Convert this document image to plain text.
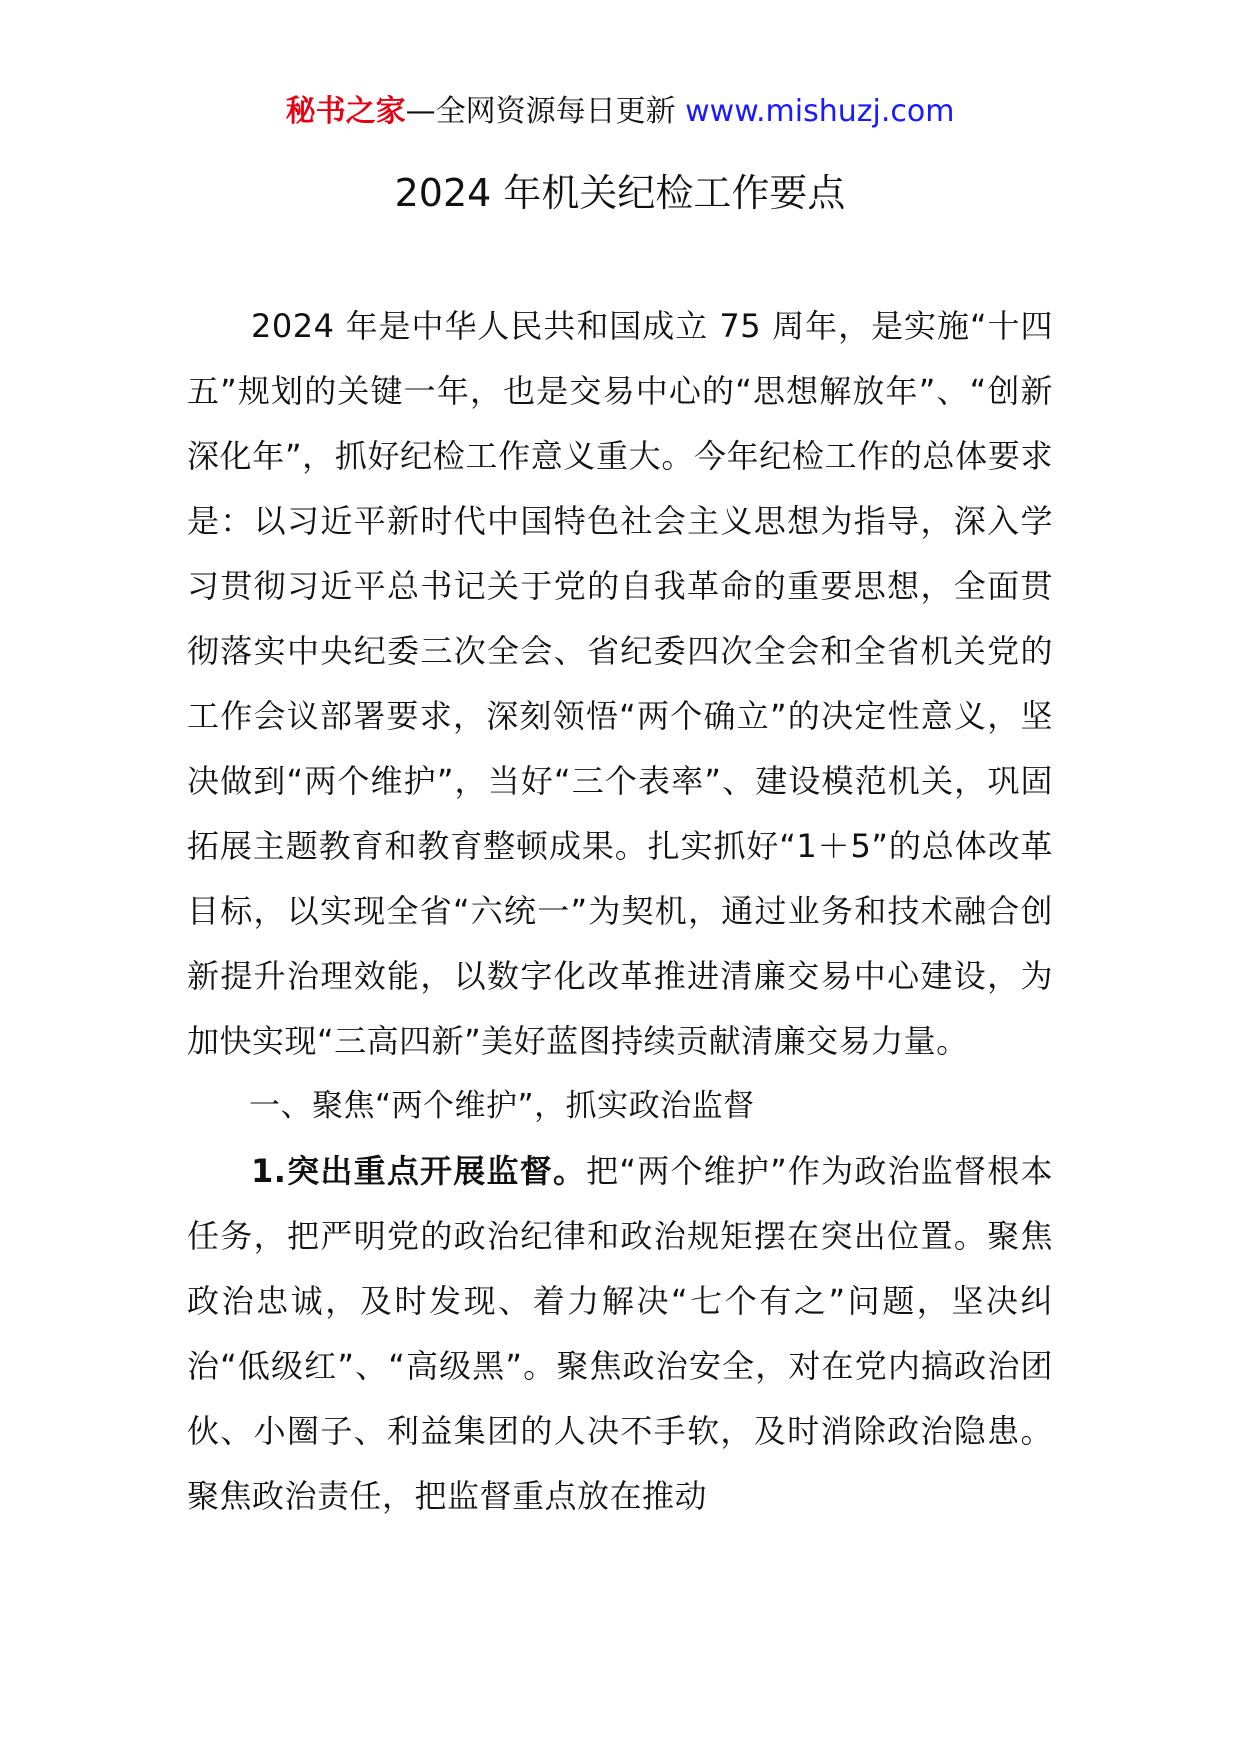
秘书之家—全网资源每日更新 www.mishuzj.com
2024 年机关纪检工作要点

2024 年是中华人民共和国成立 75 周年，是实施“十四五”规划的关键一年，也是交易中心的“思想解放年”、“创新深化年”，抓好纪检工作意义重大。今年纪检工作的总体要求是：以习近平新时代中国特色社会主义思想为指导，深入学习贯彻习近平总书记关于党的自我革命的重要思想，全面贯彻落实中央纪委三次全会、省纪委四次全会和全省机关党的工作会议部署要求，深刻领悟“两个确立”的决定性意义，坚决做到“两个维护”，当好“三个表率”、建设模范机关，巩固拓展主题教育和教育整顿成果。扎实抓好“1＋5”的总体改革目标，以实现全省“六统一”为契机，通过业务和技术融合创新提升治理效能，以数字化改革推进清廉交易中心建设，为加快实现“三高四新”美好蓝图持续贡献清廉交易力量。

一、聚焦“两个维护”，抓实政治监督

1.突出重点开展监督。把“两个维护”作为政治监督根本任务，把严明党的政治纪律和政治规矩摆在突出位置。聚焦政治忠诚，及时发现、着力解决“七个有之”问题，坚决纠治“低级红”、“高级黑”。聚焦政治安全，对在党内搞政治团伙、小圈子、利益集团的人决不手软，及时消除政治隐患。聚焦政治责任，把监督重点放在推动
